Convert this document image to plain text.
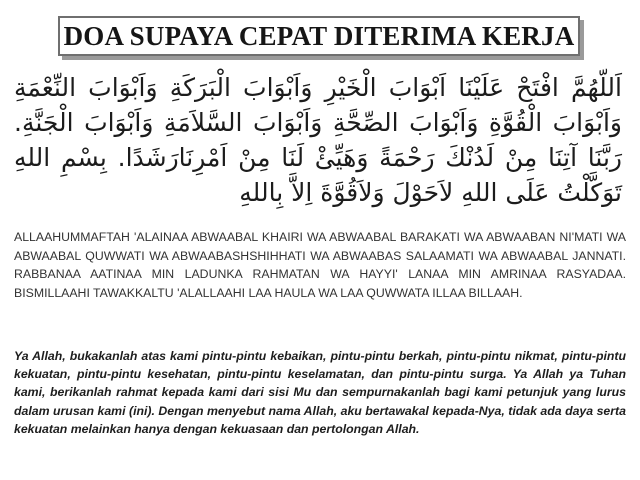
DOA SUPAYA CEPAT DITERIMA KERJA
اَللّهُمَّ افْتَحْ عَلَيْنَا اَبْوَابَ الْخَيْرِ وَاَبْوَابَ الْبَرَكَةِ وَاَبْوَابَ النِّعْمَةِ وَاَبْوَابَ الْقُوَّةِ وَاَبْوَابَ الصِّحَّةِ وَاَبْوَابَ السَّلاَمَةِ وَاَبْوَابَ الْجَنَّةِ. رَبَّنَا آتِنَا مِنْ لَدُنْكَ رَحْمَةً وَهَيِّئْ لَنَا مِنْ اَمْرِنَارَشَدًا. بِسْمِ اللهِ تَوَكَّلْتُ عَلَى اللهِ لاَحَوْلَ وَلاَقُوَّةَ اِلاَّ بِاللهِ
ALLAAHUMMAFTAH 'ALAINAA ABWAABAL KHAIRI WA ABWAABAL BARAKATI WA ABWAABAN NI'MATI WA ABWAABAL QUWWATI WA ABWAABASHSHIHHATI WA ABWAABAS SALAAMATI WA ABWAABAL JANNATI. RABBANAA AATINAA MIN LADUNKA RAHMATAN WA HAYYI' LANAA MIN AMRINAA RASYADAA. BISMILLAAHI TAWAKKALTU 'ALALLAAHI LAA HAULA WA LAA QUWWATA ILLAA BILLAAH.
Ya Allah, bukakanlah atas kami pintu-pintu kebaikan, pintu-pintu berkah, pintu-pintu nikmat, pintu-pintu kekuatan, pintu-pintu kesehatan, pintu-pintu keselamatan, dan pintu-pintu surga. Ya Allah ya Tuhan kami, berikanlah rahmat kepada kami dari sisi Mu dan sempurnakanlah bagi kami petunjuk yang lurus dalam urusan kami (ini). Dengan menyebut nama Allah, aku bertawakal kepada-Nya, tidak ada daya serta kekuatan melainkan hanya dengan kekuasaan dan pertolongan Allah.
